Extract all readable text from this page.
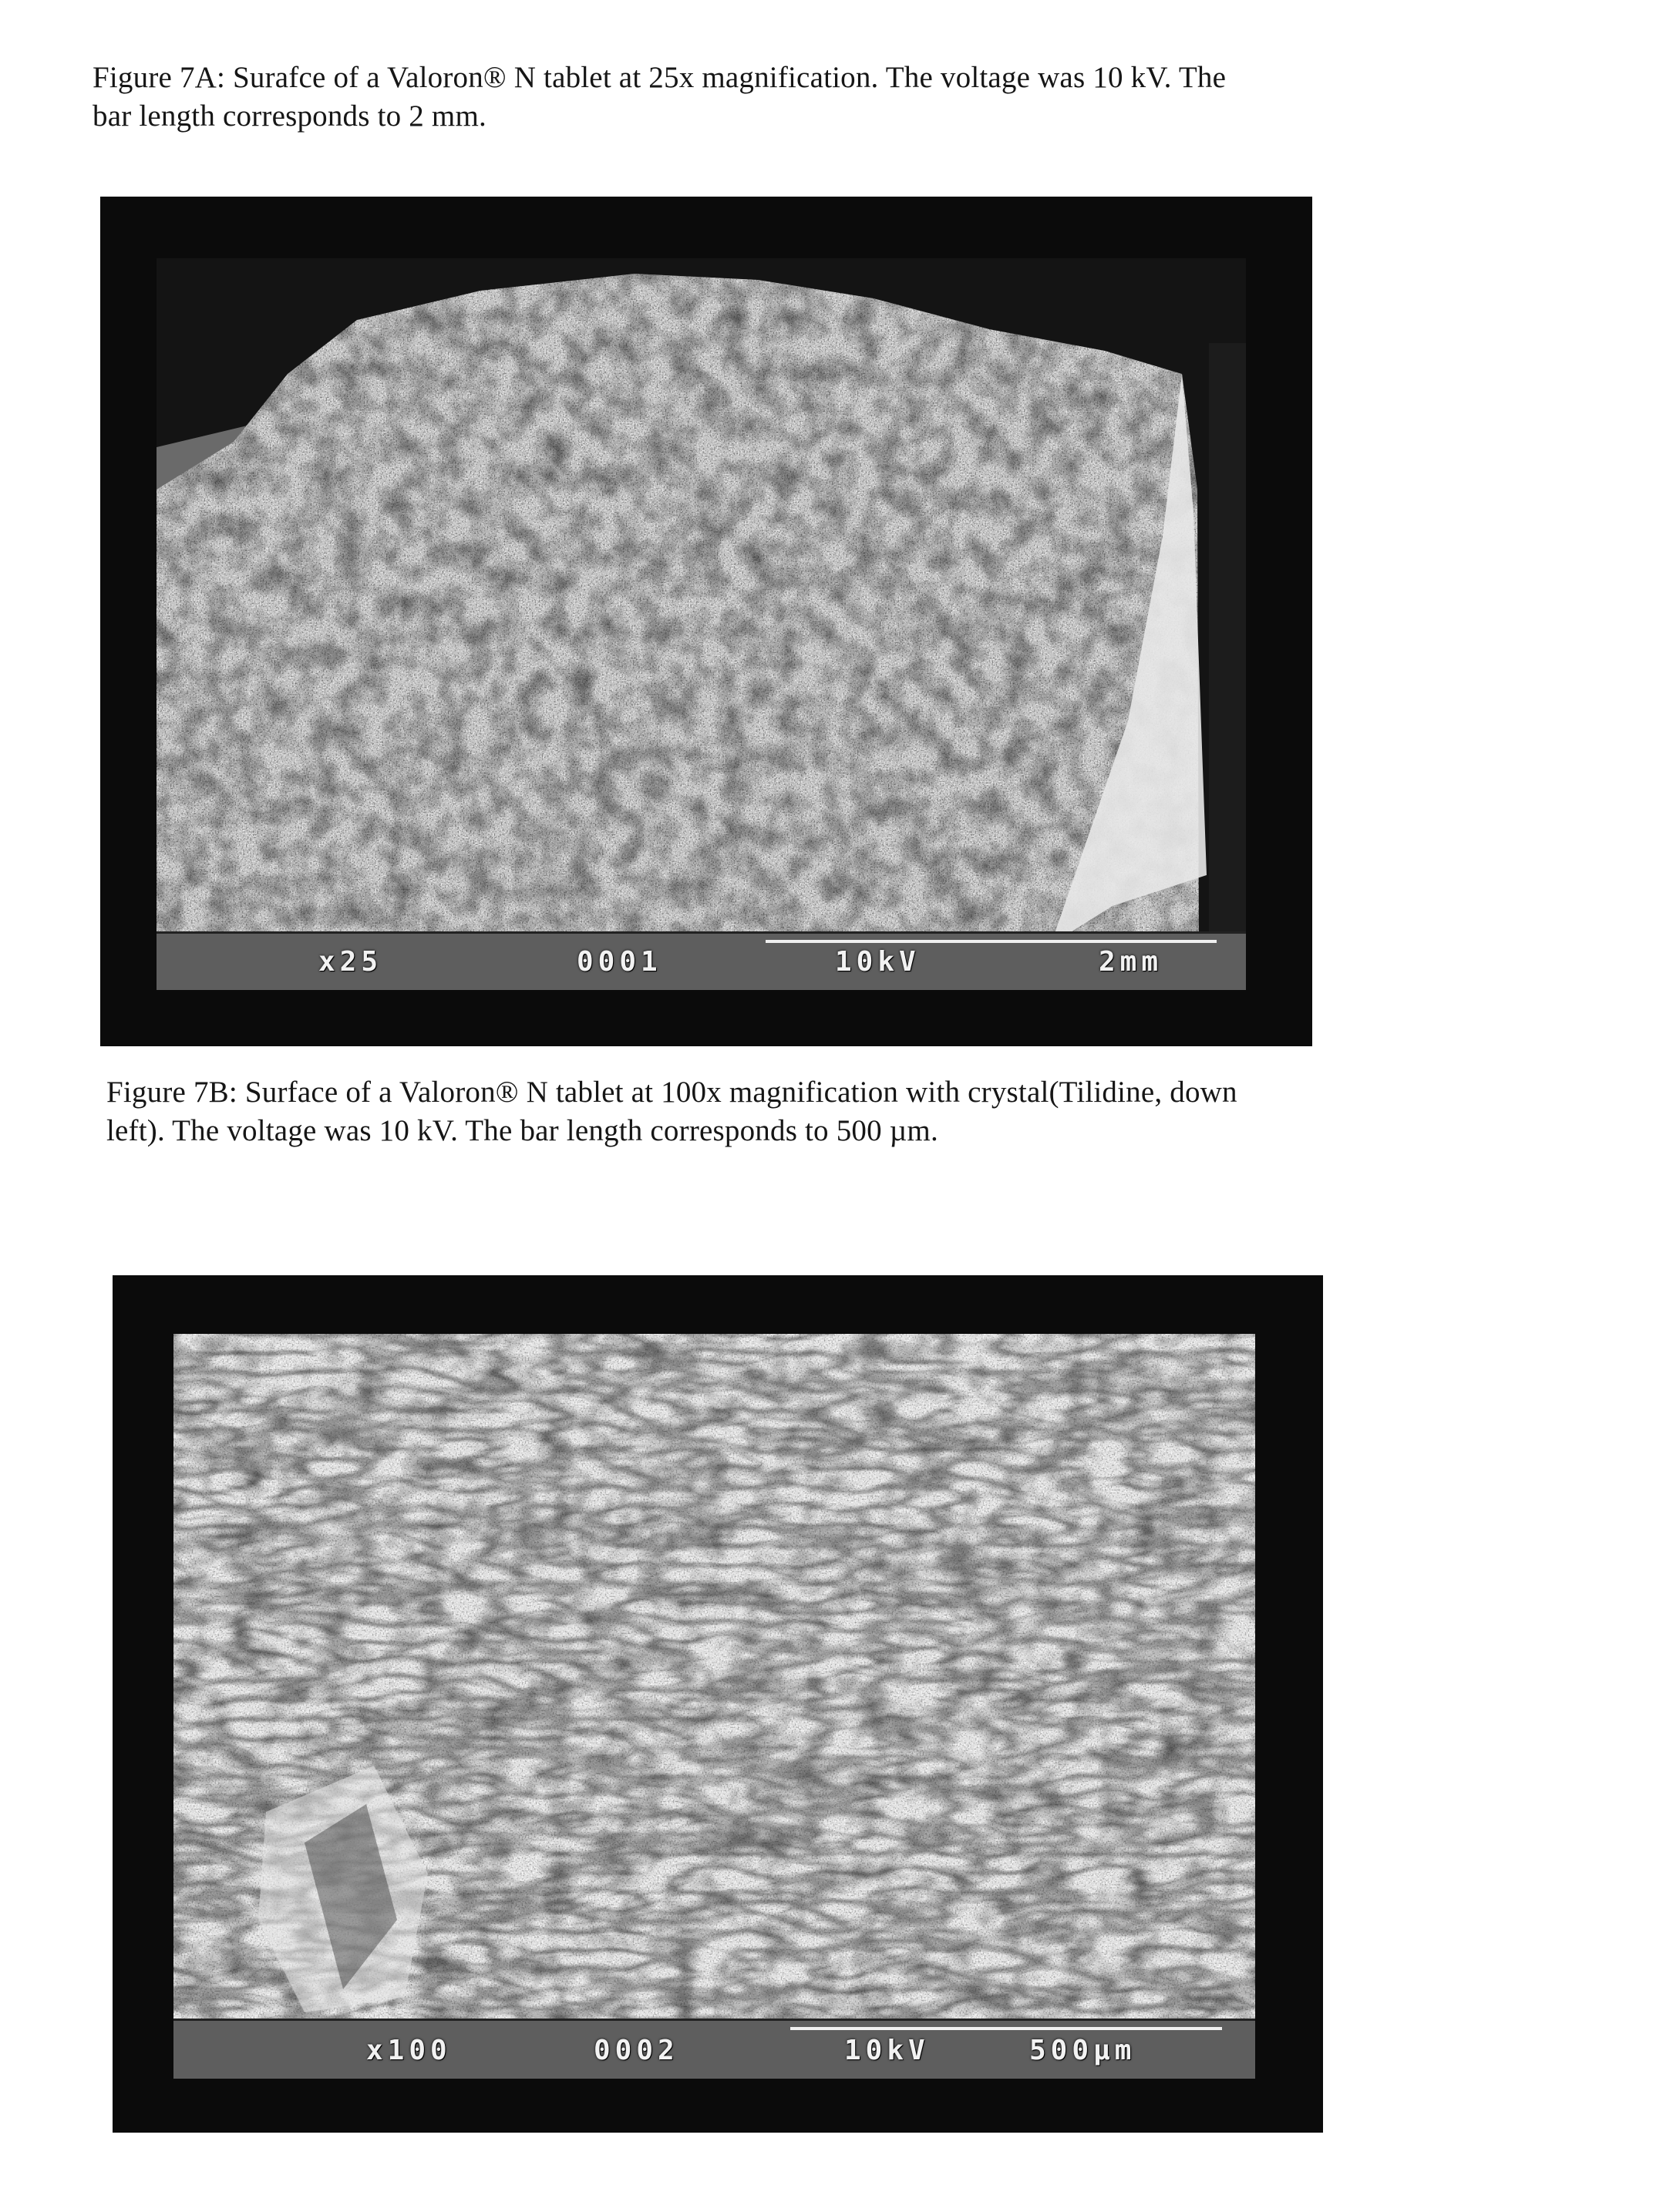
Figure 7A: Surafce of a Valoron® N tablet at 25x magnification. The voltage was 10 kV. The
bar length corresponds to 2 mm.
x25	0001	10kV	2mm
Figure 7B: Surface of a Valoron® N tablet at 100x magnification with crystal(Tilidine, down
left). The voltage was 10 kV. The bar length corresponds to 500 µm.
x100	0002	10kV	500µm
